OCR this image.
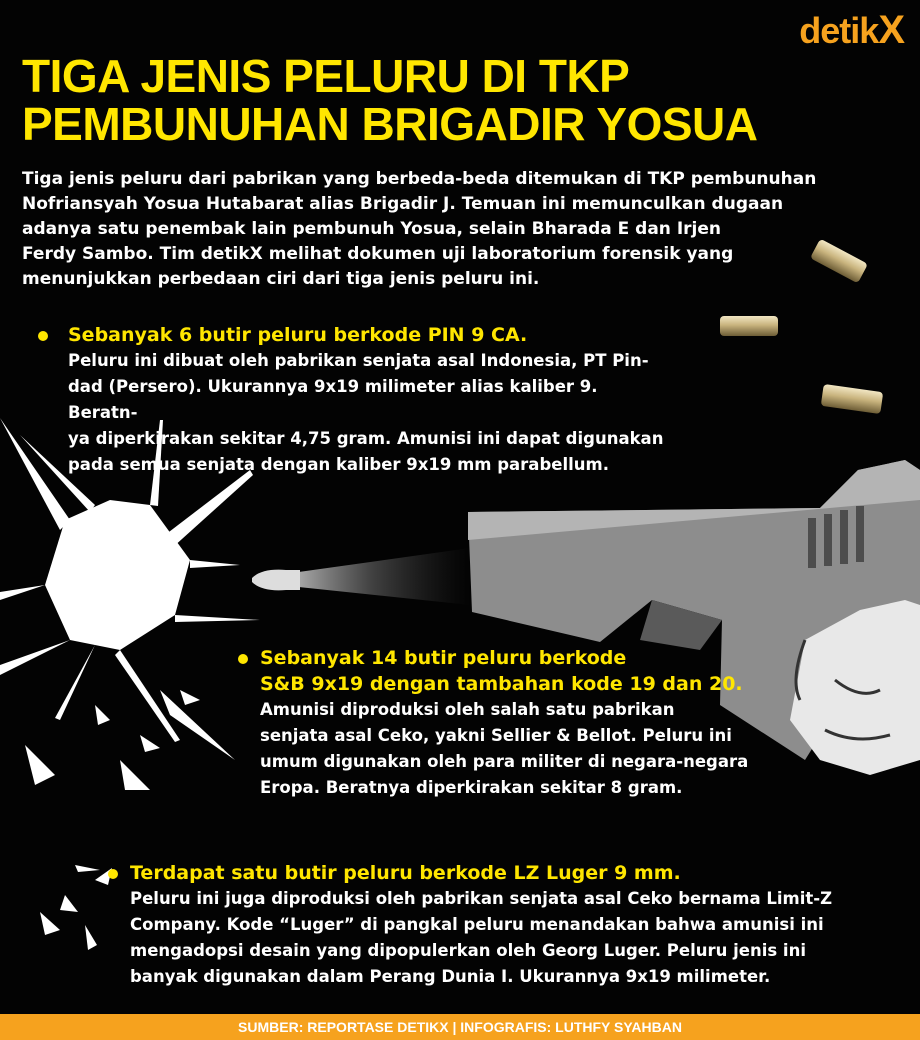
detikX
TIGA JENIS PELURU DI TKP
PEMBUNUHAN BRIGADIR YOSUA
Tiga jenis peluru dari pabrikan yang berbeda-beda ditemukan di TKP pembunuhan
Nofriansyah Yosua Hutabarat alias Brigadir J. Temuan ini memunculkan dugaan
adanya satu penembak lain pembunuh Yosua, selain Bharada E dan Irjen
Ferdy Sambo. Tim detikX melihat dokumen uji laboratorium forensik yang
menunjukkan perbedaan ciri dari tiga jenis peluru ini.
Sebanyak 6 butir peluru berkode PIN 9 CA.
Peluru ini dibuat oleh pabrikan senjata asal Indonesia, PT Pin-
dad (Persero). Ukurannya 9x19 milimeter alias kaliber 9. Beratn-
ya diperkirakan sekitar 4,75 gram. Amunisi ini dapat digunakan
pada semua senjata dengan kaliber 9x19 mm parabellum.
Sebanyak 14 butir peluru berkode
S&B 9x19 dengan tambahan kode 19 dan 20.
Amunisi diproduksi oleh salah satu pabrikan
senjata asal Ceko, yakni Sellier & Bellot. Peluru ini
umum digunakan oleh para militer di negara-negara
Eropa. Beratnya diperkirakan sekitar 8 gram.
Terdapat satu butir peluru berkode LZ Luger 9 mm.
Peluru ini juga diproduksi oleh pabrikan senjata asal Ceko bernama Limit-Z
Company. Kode “Luger” di pangkal peluru menandakan bahwa amunisi ini
mengadopsi desain yang dipopulerkan oleh Georg Luger. Peluru jenis ini
banyak digunakan dalam Perang Dunia I. Ukurannya 9x19 milimeter.
SUMBER: REPORTASE DETIKX | INFOGRAFIS: LUTHFY SYAHBAN
